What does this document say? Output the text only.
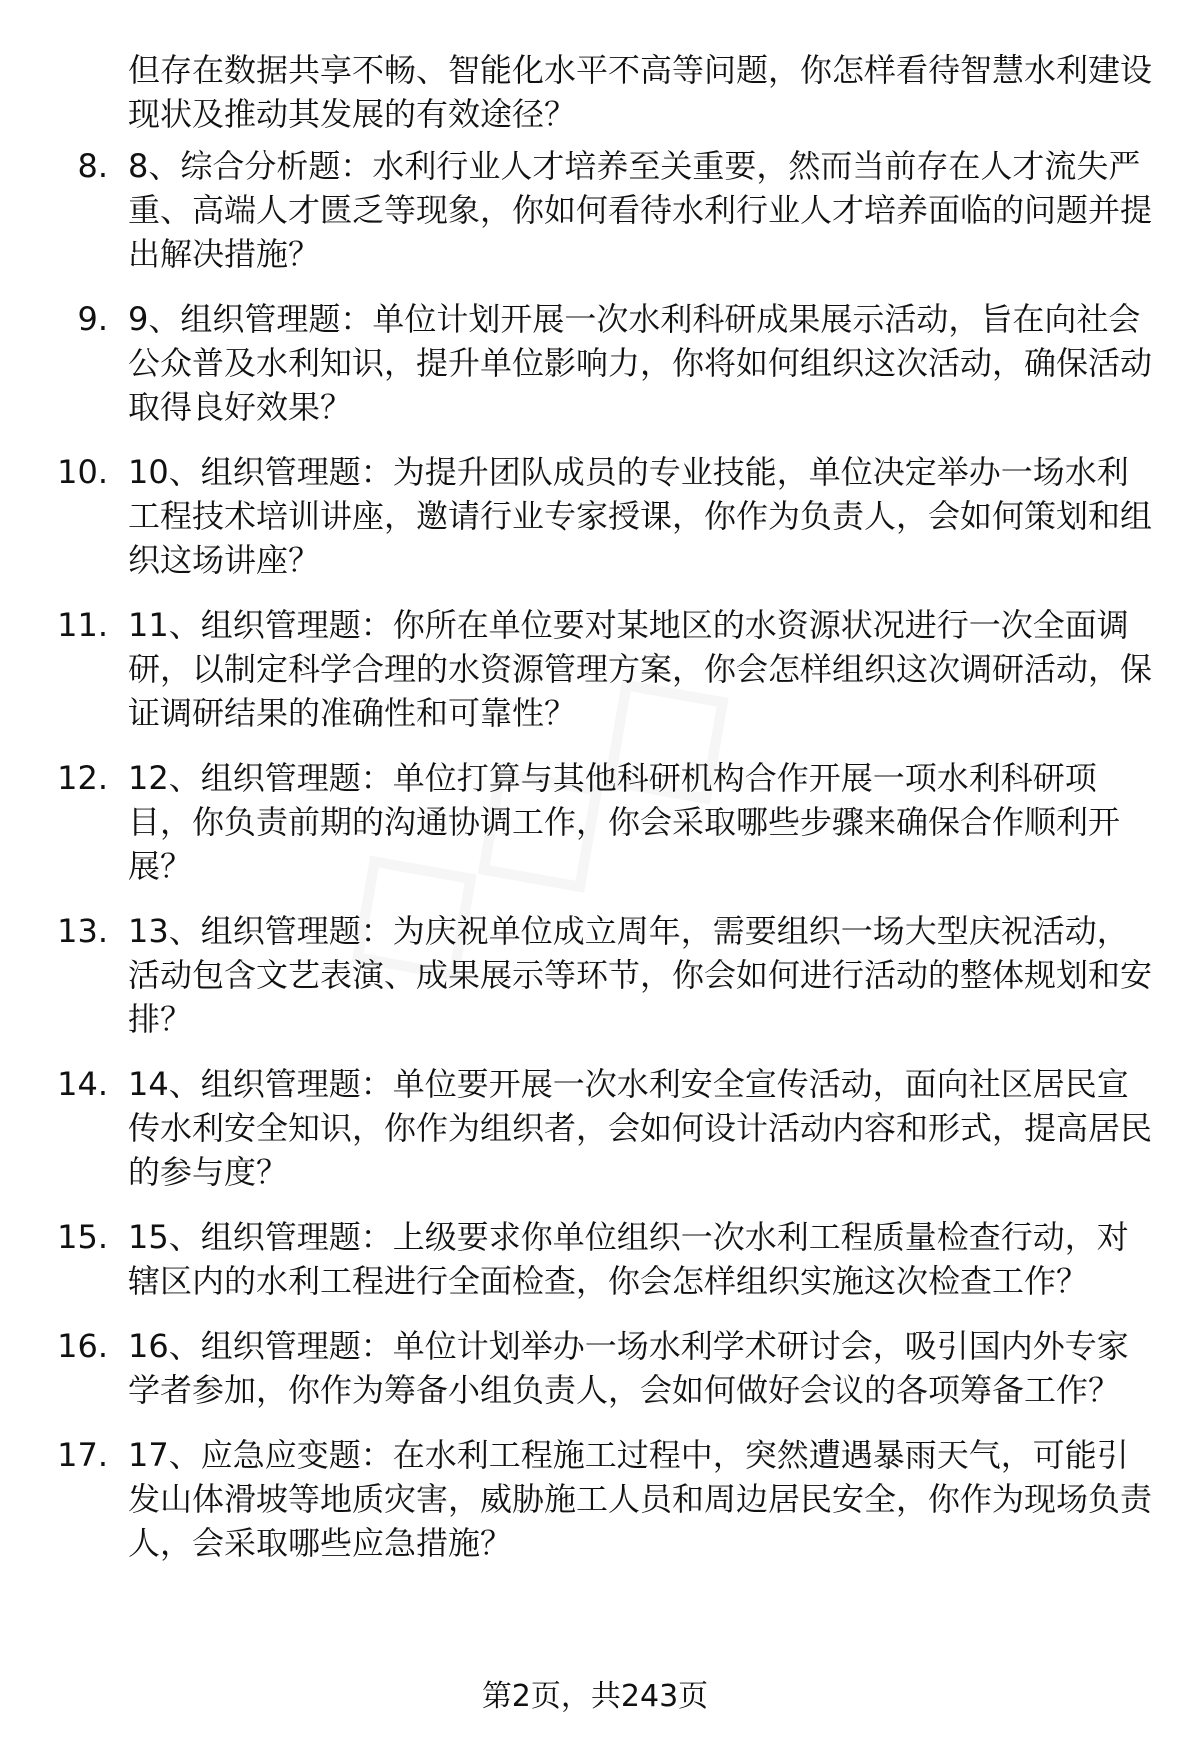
但存在数据共享不畅、智能化水平不高等问题，你怎样看待智慧水利建设现状及推动其发展的有效途径？
8. 8、综合分析题：水利行业人才培养至关重要，然而当前存在人才流失严重、高端人才匮乏等现象，你如何看待水利行业人才培养面临的问题并提出解决措施？
9. 9、组织管理题：单位计划开展一次水利科研成果展示活动，旨在向社会公众普及水利知识，提升单位影响力，你将如何组织这次活动，确保活动取得良好效果？
10. 10、组织管理题：为提升团队成员的专业技能，单位决定举办一场水利工程技术培训讲座，邀请行业专家授课，你作为负责人，会如何策划和组织这场讲座？
11. 11、组织管理题：你所在单位要对某地区的水资源状况进行一次全面调研，以制定科学合理的水资源管理方案，你会怎样组织这次调研活动，保证调研结果的准确性和可靠性？
12. 12、组织管理题：单位打算与其他科研机构合作开展一项水利科研项目，你负责前期的沟通协调工作，你会采取哪些步骤来确保合作顺利开展？
13. 13、组织管理题：为庆祝单位成立周年，需要组织一场大型庆祝活动，活动包含文艺表演、成果展示等环节，你会如何进行活动的整体规划和安排？
14. 14、组织管理题：单位要开展一次水利安全宣传活动，面向社区居民宣传水利安全知识，你作为组织者，会如何设计活动内容和形式，提高居民的参与度？
15. 15、组织管理题：上级要求你单位组织一次水利工程质量检查行动，对辖区内的水利工程进行全面检查，你会怎样组织实施这次检查工作？
16. 16、组织管理题：单位计划举办一场水利学术研讨会，吸引国内外专家学者参加，你作为筹备小组负责人，会如何做好会议的各项筹备工作？
17. 17、应急应变题：在水利工程施工过程中，突然遭遇暴雨天气，可能引发山体滑坡等地质灾害，威胁施工人员和周边居民安全，你作为现场负责人，会采取哪些应急措施？
第2页，共243页
